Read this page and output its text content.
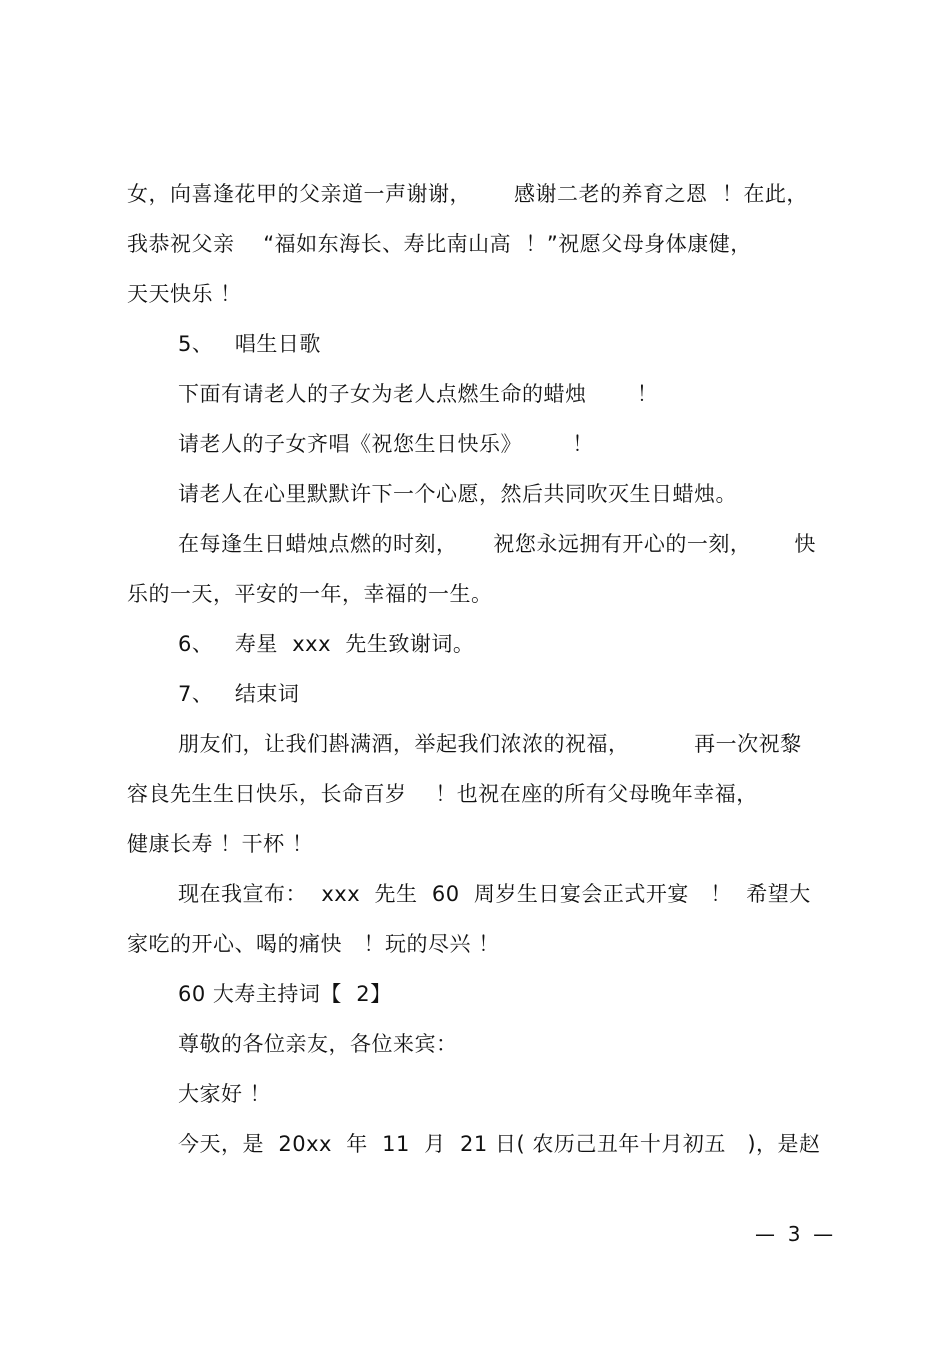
女，向喜逢花甲的父亲道一声谢谢，      感谢二老的养育之恩  ！在此，
我恭祝父亲    “福如东海长、寿比南山高  ！”祝愿父母身体康健，
天天快乐 ！
5、   唱生日歌
下面有请老人的子女为老人点燃生命的蜡烛       ！
请老人的子女齐唱《祝您生日快乐》       ！
请老人在心里默默许下一个心愿，然后共同吹灭生日蜡烛。
在每逢生日蜡烛点燃的时刻，     祝您永远拥有开心的一刻，      快
乐的一天，平安的一年，幸福的一生。
6、   寿星  xxx  先生致谢词。
7、   结束词
朋友们，让我们斟满酒，举起我们浓浓的祝福，         再一次祝黎
容良先生生日快乐，长命百岁    ！也祝在座的所有父母晚年幸福，
健康长寿 ！干杯 ！
现在我宣布：  xxx  先生  60  周岁生日宴会正式开宴   ！  希望大
家吃的开心、喝的痛快   ！玩的尽兴 ！
60 大寿主持词【  2】
尊敬的各位亲友，各位来宾：
大家好 ！
今天，是  20xx  年  11  月  21 日( 农历己丑年十月初五   )，是赵
—  3  —
